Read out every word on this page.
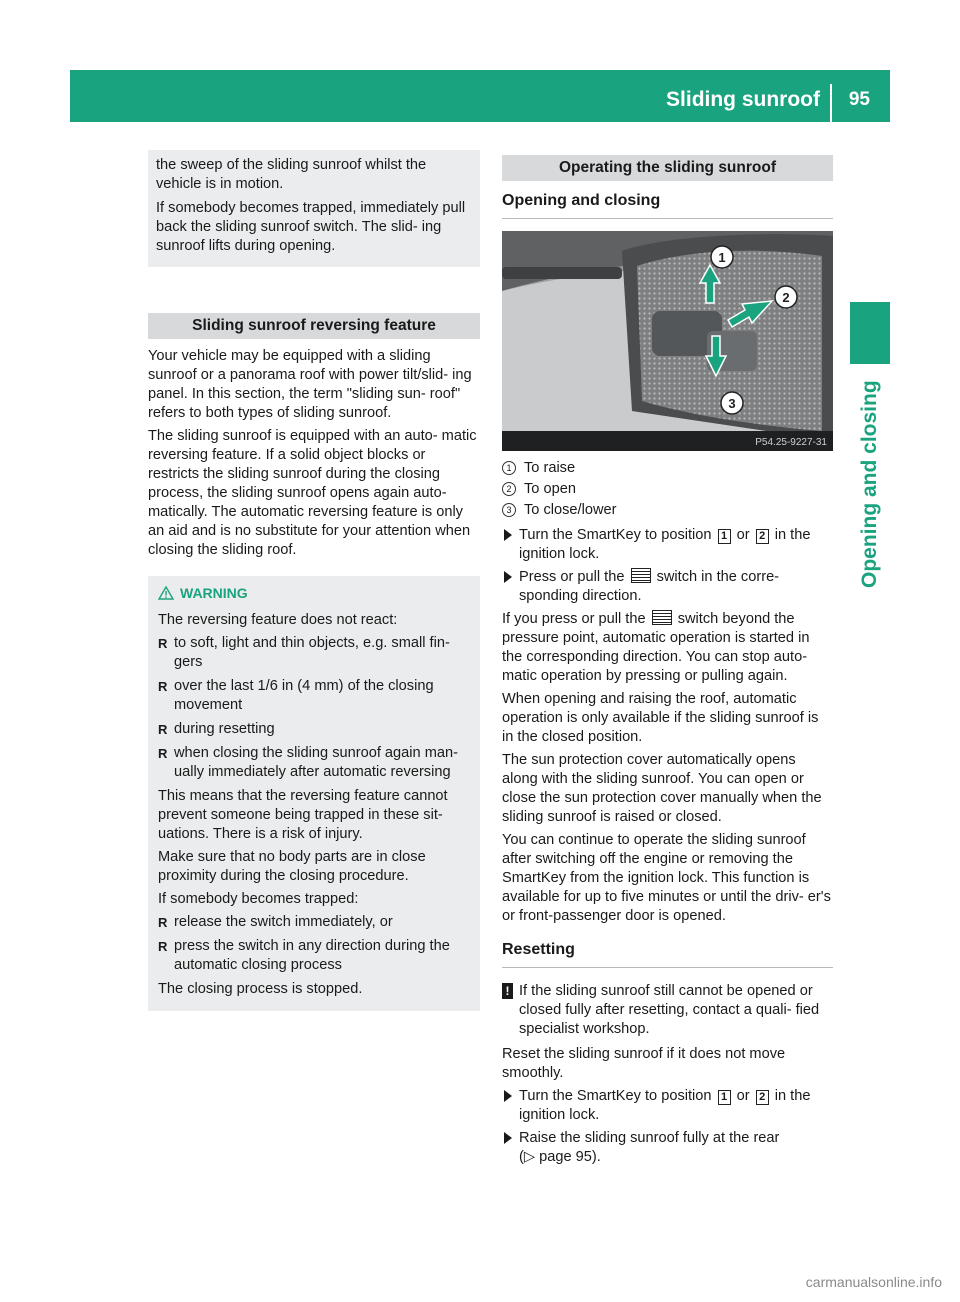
Sliding sunroof 95
Opening and closing

the sweep of the sliding sunroof whilst the vehicle is in motion.

If somebody becomes trapped, immediately pull back the sliding sunroof switch. The slid- ing sunroof lifts during opening.

Sliding sunroof reversing feature

Your vehicle may be equipped with a sliding sunroof or a panorama roof with power tilt/slid- ing panel. In this section, the term "sliding sun- roof" refers to both types of sliding sunroof.

The sliding sunroof is equipped with an auto- matic reversing feature. If a solid object blocks or restricts the sliding sunroof during the closing process, the sliding sunroof opens again auto- matically. The automatic reversing feature is only an aid and is no substitute for your attention when closing the sliding roof.

WARNING

The reversing feature does not react:

R to soft, light and thin objects, e.g. small fin- gers
R over the last 1/6 in (4 mm) of the closing movement
R during resetting
R when closing the sliding sunroof again man- ually immediately after automatic reversing

This means that the reversing feature cannot prevent someone being trapped in these sit- uations. There is a risk of injury.

Make sure that no body parts are in close proximity during the closing procedure.

If somebody becomes trapped:

R release the switch immediately, or
R press the switch in any direction during the automatic closing process

The closing process is stopped.

Operating the sliding sunroof
Opening and closing
1
2
3
P54.25-9227-31
1 To raise
2 To open
3 To close/lower
Turn the SmartKey to position 1 or 2 in the ignition lock.
Press or pull the switch in the corre- sponding direction.

If you press or pull the switch beyond the pressure point, automatic operation is started in the corresponding direction. You can stop auto- matic operation by pressing or pulling again.

When opening and raising the roof, automatic operation is only available if the sliding sunroof is in the closed position.

The sun protection cover automatically opens along with the sliding sunroof. You can open or close the sun protection cover manually when the sliding sunroof is raised or closed.

You can continue to operate the sliding sunroof after switching off the engine or removing the SmartKey from the ignition lock. This function is available for up to five minutes or until the driv- er's or front-passenger door is opened.

Resetting
! If the sliding sunroof still cannot be opened or closed fully after resetting, contact a quali- fied specialist workshop.

Reset the sliding sunroof if it does not move smoothly.

Turn the SmartKey to position 1 or 2 in the ignition lock.
Raise the sliding sunroof fully at the rear
(▷ page 95).
carmanualsonline.info
